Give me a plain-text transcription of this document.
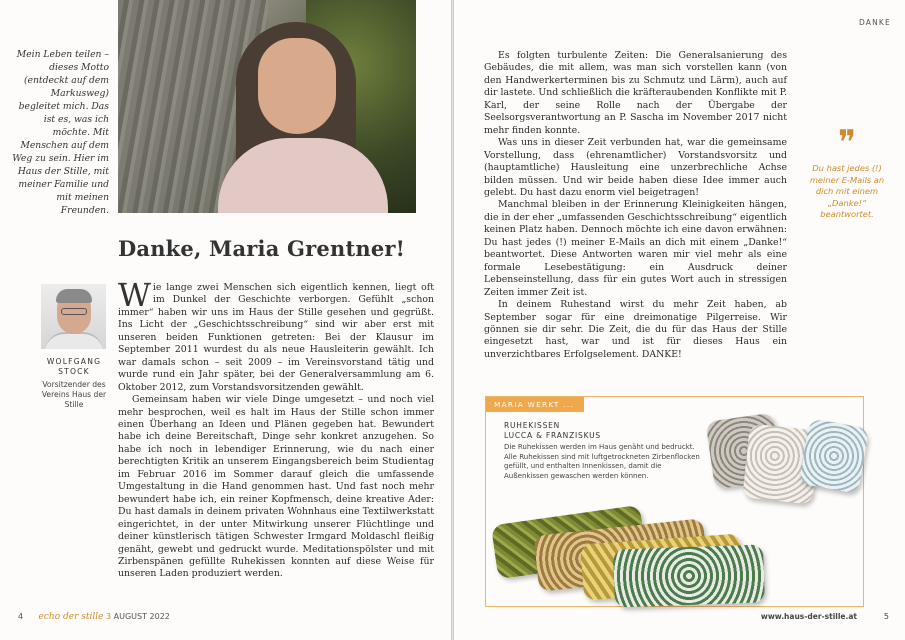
Mein Leben teilen – dieses Motto (entdeckt auf dem Markusweg) begleitet mich. Das ist es, was ich möchte. Mit Menschen auf dem Weg zu sein. Hier im Haus der Stille, mit meiner Familie und mit meinen Freunden.

Danke, Maria Grentner!
WOLFGANG
STOCK
Vorsitzender des Vereins Haus der Stille

Wie lange zwei Menschen sich eigentlich kennen, liegt oft im Dunkel der Geschichte verborgen. Gefühlt „schon immer“ haben wir uns im Haus der Stille gesehen und gegrüßt. Ins Licht der „Geschichtsschreibung“ sind wir aber erst mit unseren beiden Funktionen getreten: Bei der Klausur im September 2011 wurdest du als neue Hausleiterin gewählt. Ich war damals schon – seit 2009 – im Vereinsvorstand tätig und wurde rund ein Jahr später, bei der Generalversammlung am 6. Oktober 2012, zum Vorstandsvorsitzenden gewählt.

Gemeinsam haben wir viele Dinge umgesetzt – und noch viel mehr besprochen, weil es halt im Haus der Stille schon immer einen Überhang an Ideen und Plänen gegeben hat. Bewundert habe ich deine Bereitschaft, Dinge sehr konkret anzugehen. So habe ich noch in lebendiger Erinnerung, wie du nach einer berechtigten Kritik an unserem Eingangsbereich beim Studientag im Februar 2016 im Sommer darauf gleich die umfassende Umgestaltung in die Hand genommen hast. Und fast noch mehr bewundert habe ich, ein reiner Kopfmensch, deine kreative Ader: Du hast damals in deinem privaten Wohnhaus eine Textilwerkstatt eingerichtet, in der unter Mitwirkung unserer Flüchtlinge und deiner künstlerisch tätigen Schwester Irmgard Moldaschl fleißig genäht, gewebt und gedruckt wurde. Meditationspölster und mit Zirbenspänen gefüllte Ruhekissen konnten auf diese Weise für unseren Laden produziert werden.

4 echo der stille 3 AUGUST 2022
DANKE

Es folgten turbulente Zeiten: Die Generalsanierung des Gebäudes, die mit allem, was man sich vorstellen kann (von den Handwerkerterminen bis zu Schmutz und Lärm), auch auf dir lastete. Und schließlich die kräfteraubenden Konflikte mit P. Karl, der seine Rolle nach der Übergabe der Seelsorgsverantwortung an P. Sascha im November 2017 nicht mehr finden konnte.

Was uns in dieser Zeit verbunden hat, war die gemeinsame Vorstellung, dass (ehrenamtlicher) Vorstandsvorsitz und (hauptamtliche) Hausleitung eine unzerbrechliche Achse bilden müssen. Und wir beide haben diese Idee immer auch gelebt. Du hast dazu enorm viel beigetragen!

Manchmal bleiben in der Erinnerung Kleinigkeiten hängen, die in der eher „umfassenden Geschichtsschreibung“ eigentlich keinen Platz haben. Dennoch möchte ich eine davon erwähnen: Du hast jedes (!) meiner E-Mails an dich mit einem „Danke!“ beantwortet. Diese Antworten waren mir viel mehr als eine formale Lesebestätigung: ein Ausdruck deiner Lebenseinstellung, dass für ein gutes Wort auch in stressigen Zeiten immer Zeit ist.

In deinem Ruhestand wirst du mehr Zeit haben, ab September sogar für eine dreimonatige Pilgerreise. Wir gönnen sie dir sehr. Die Zeit, die du für das Haus der Stille eingesetzt hast, war und ist für dieses Haus ein unverzichtbares Erfolgselement. DANKE!

❞
Du hast jedes (!) meiner E-Mails an dich mit einem „Danke!“ beantwortet.
MARIA WERKT ...
RUHEKISSEN
LUCCA & FRANZISKUS

Die Ruhekissen werden im Haus genäht und bedruckt. Alle Ruhekissen sind mit luftgetrockneten Zirbenflocken gefüllt, und enthalten Innenkissen, damit die Außenkissen gewaschen werden können.

www.haus-der-stille.at	5
